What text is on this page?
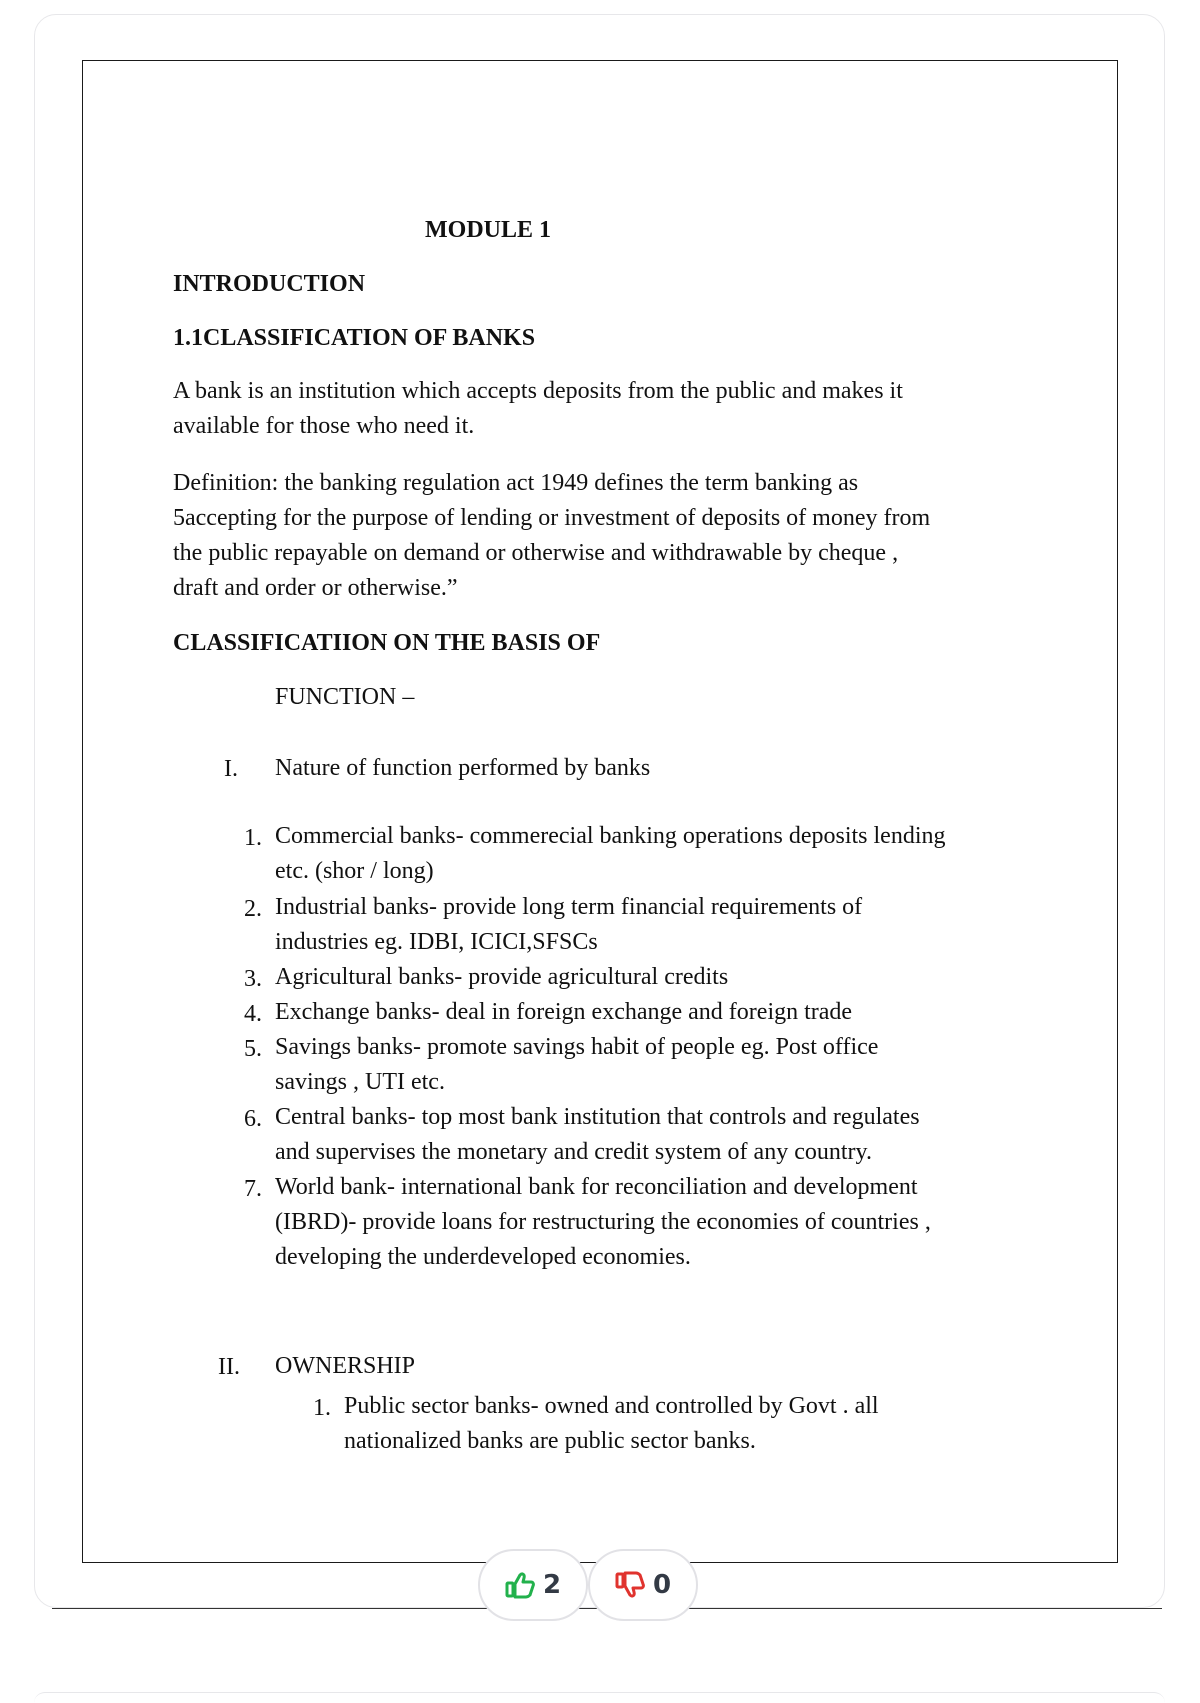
MODULE 1
INTRODUCTION
1.1CLASSIFICATION OF BANKS
A bank is an institution which accepts deposits from the public and makes it
available for those who need it.
Definition: the banking regulation act 1949 defines the term banking as
5accepting for the purpose of lending or investment of deposits of money from
the public repayable on demand or otherwise and withdrawable by cheque ,
draft and order or otherwise.”
CLASSIFICATIION ON THE BASIS OF
FUNCTION –
I. Nature of function performed by banks
1. Commercial banks- commerecial banking operations deposits lending
etc. (shor / long)
2. Industrial banks- provide long term financial requirements of
industries eg. IDBI, ICICI,SFSCs
3. Agricultural banks- provide agricultural credits
4. Exchange banks- deal in foreign exchange and foreign trade
5. Savings banks- promote savings habit of people eg. Post office
savings , UTI etc.
6. Central banks- top most bank institution that controls and regulates
and supervises the monetary and credit system of any country.
7. World bank- international bank for reconciliation and development
(IBRD)- provide loans for restructuring the economies of countries ,
developing the underdeveloped economies.
II. OWNERSHIP
1. Public sector banks- owned and controlled by Govt . all
nationalized banks are public sector banks.
2	0
